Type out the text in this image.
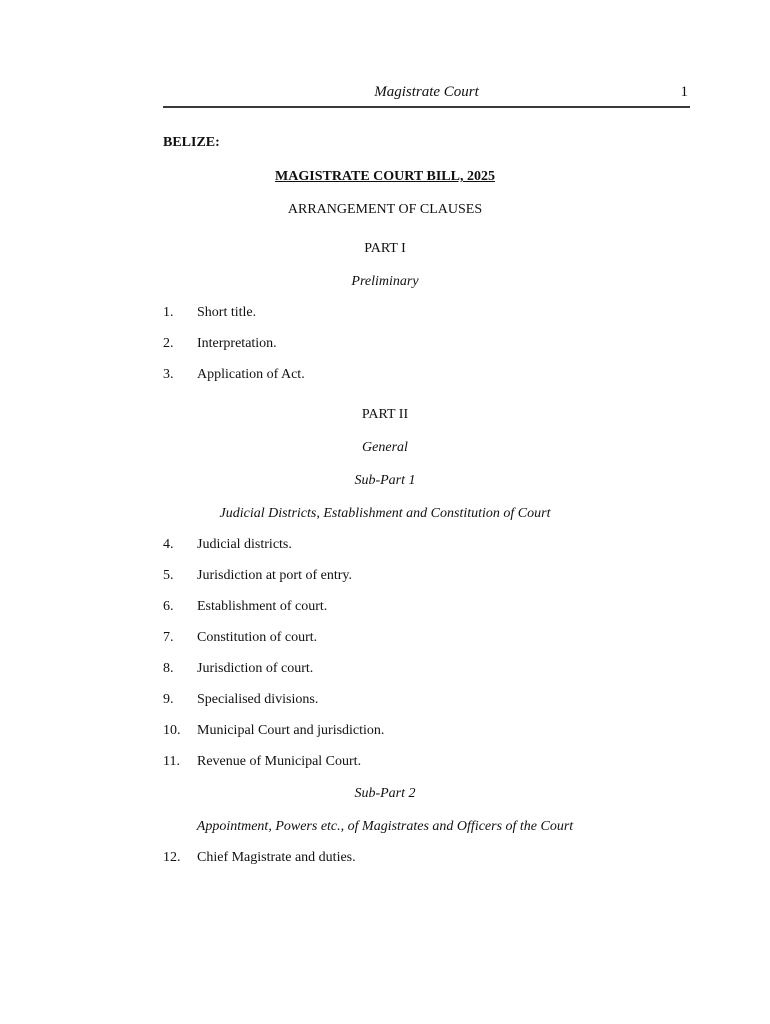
Magistrate Court	1
BELIZE:
MAGISTRATE COURT BILL, 2025
ARRANGEMENT OF CLAUSES
PART I
Preliminary
1. Short title.
2. Interpretation.
3. Application of Act.
PART II
General
Sub-Part 1
Judicial Districts, Establishment and Constitution of Court
4. Judicial districts.
5. Jurisdiction at port of entry.
6. Establishment of court.
7. Constitution of court.
8. Jurisdiction of court.
9. Specialised divisions.
10. Municipal Court and jurisdiction.
11. Revenue of Municipal Court.
Sub-Part 2
Appointment, Powers etc., of Magistrates and Officers of the Court
12. Chief Magistrate and duties.
